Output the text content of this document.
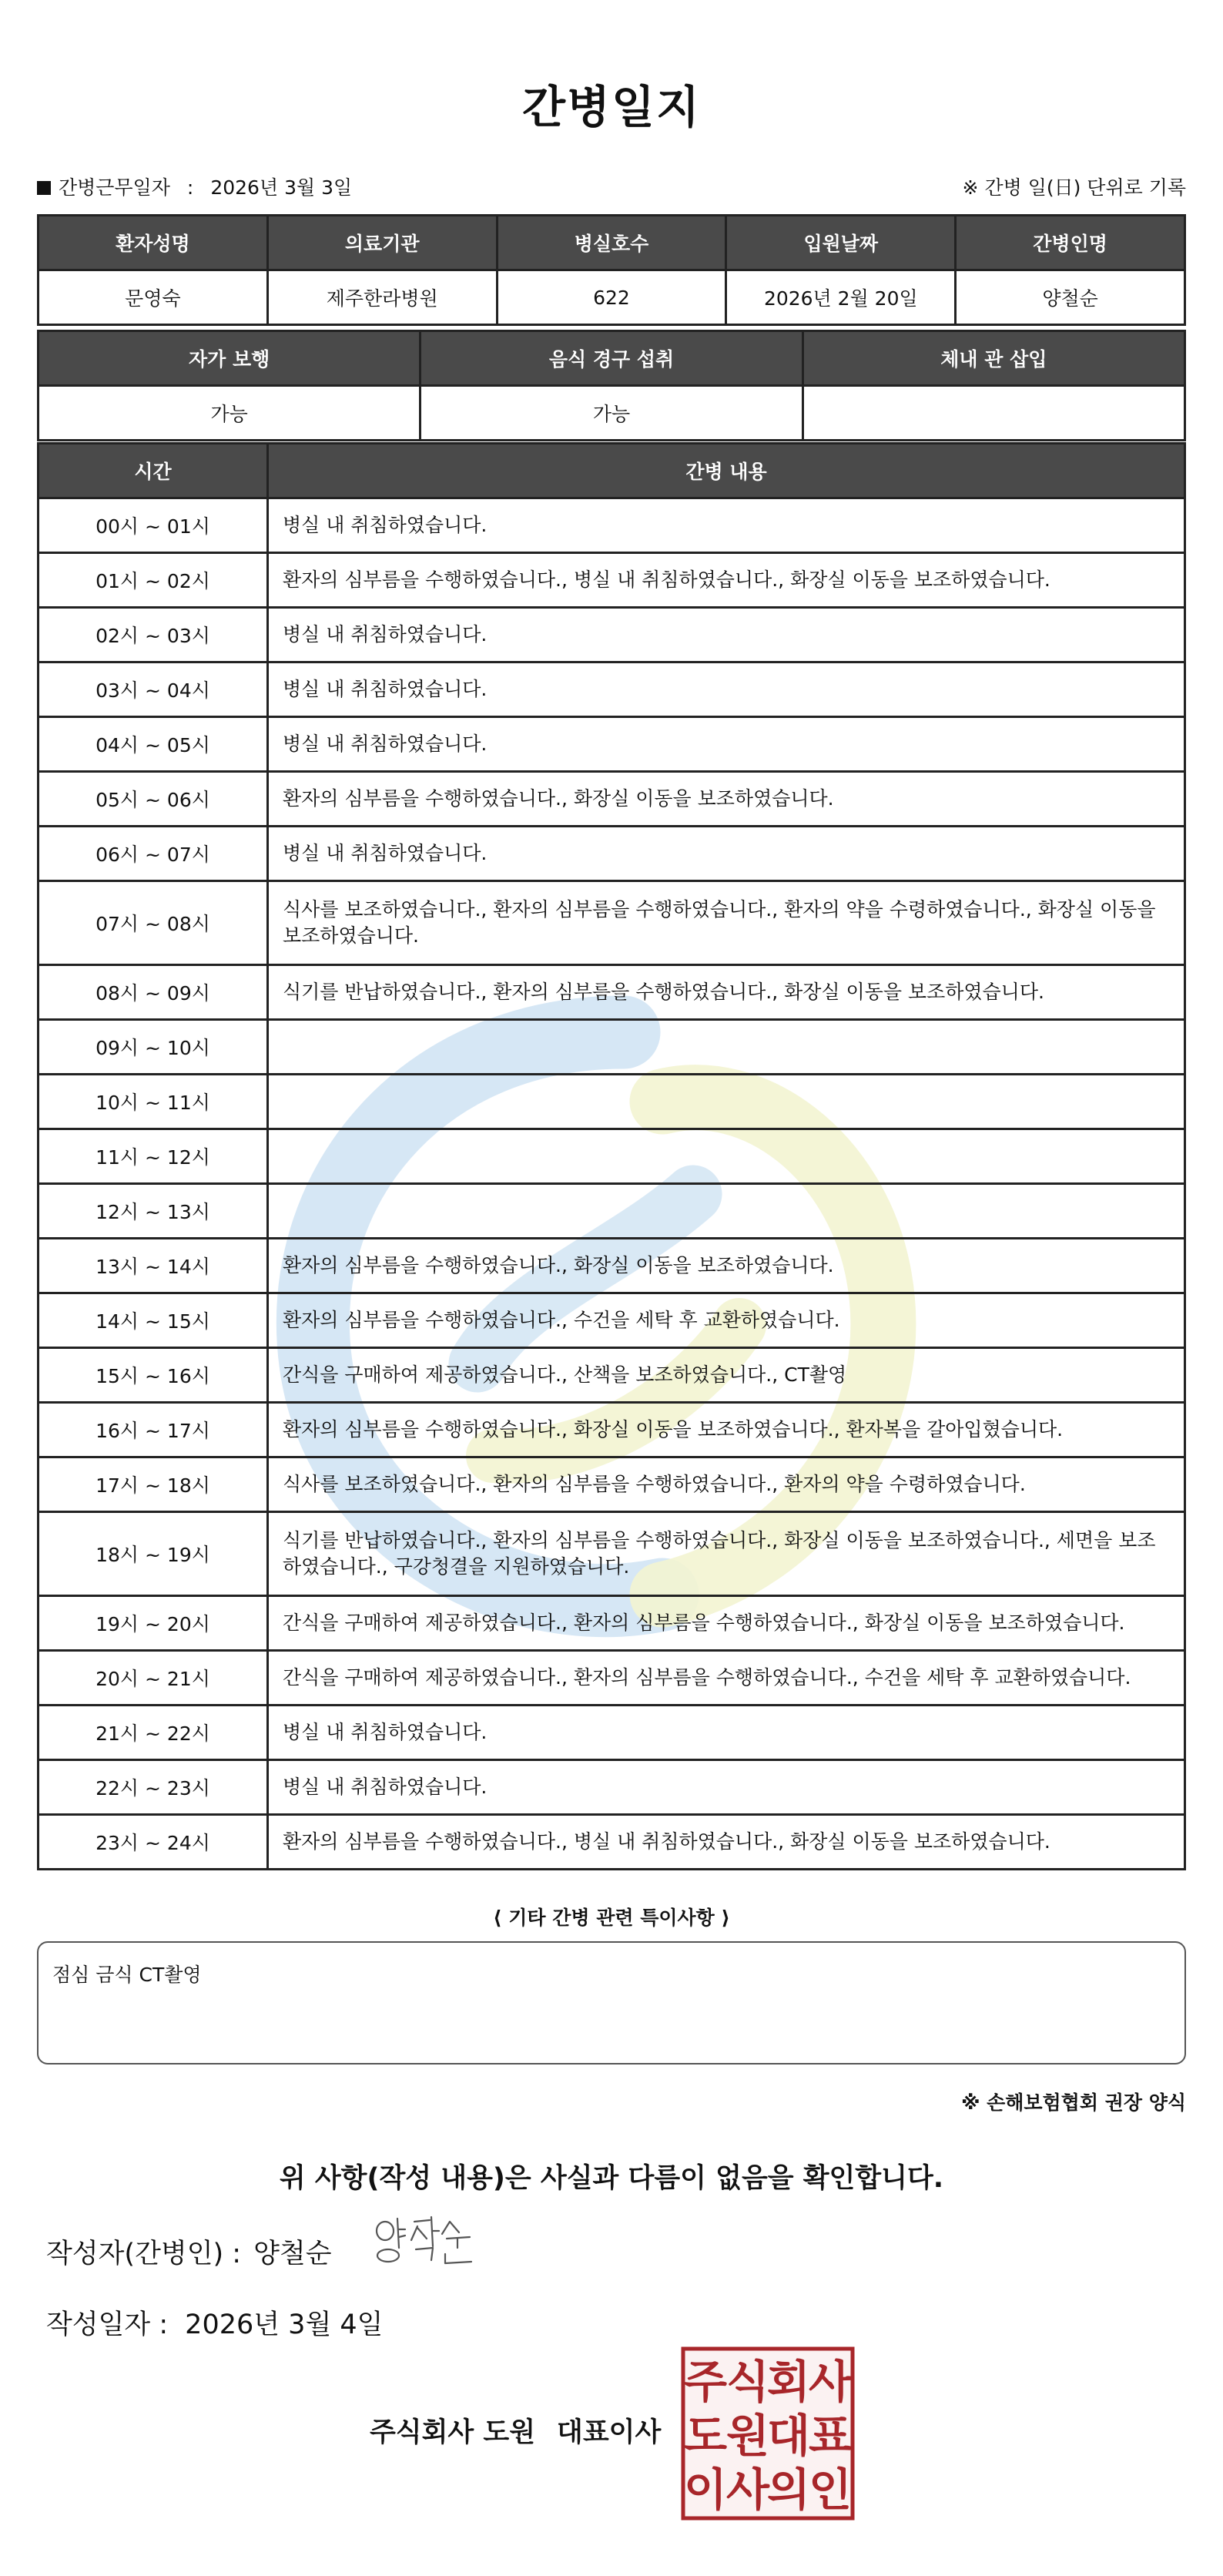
간병일지
간병근무일자 : 2026년 3월 3일	※ 간병 일(日) 단위로 기록
환자성명	의료기관	병실호수	입원날짜	간병인명
문영숙	제주한라병원	622	2026년 2월 20일	양철순
자가 보행	음식 경구 섭취	체내 관 삽입
가능	가능	
시간	간병 내용
00시 ~ 01시	병실 내 취침하였습니다.
01시 ~ 02시	환자의 심부름을 수행하였습니다., 병실 내 취침하였습니다., 화장실 이동을 보조하였습니다.
02시 ~ 03시	병실 내 취침하였습니다.
03시 ~ 04시	병실 내 취침하였습니다.
04시 ~ 05시	병실 내 취침하였습니다.
05시 ~ 06시	환자의 심부름을 수행하였습니다., 화장실 이동을 보조하였습니다.
06시 ~ 07시	병실 내 취침하였습니다.
07시 ~ 08시	식사를 보조하였습니다., 환자의 심부름을 수행하였습니다., 환자의 약을 수령하였습니다., 화장실 이동을 보조하였습니다.
08시 ~ 09시	식기를 반납하였습니다., 환자의 심부름을 수행하였습니다., 화장실 이동을 보조하였습니다.
09시 ~ 10시	
10시 ~ 11시	
11시 ~ 12시	
12시 ~ 13시	
13시 ~ 14시	환자의 심부름을 수행하였습니다., 화장실 이동을 보조하였습니다.
14시 ~ 15시	환자의 심부름을 수행하였습니다., 수건을 세탁 후 교환하였습니다.
15시 ~ 16시	간식을 구매하여 제공하였습니다., 산책을 보조하였습니다., CT촬영
16시 ~ 17시	환자의 심부름을 수행하였습니다., 화장실 이동을 보조하였습니다., 환자복을 갈아입혔습니다.
17시 ~ 18시	식사를 보조하였습니다., 환자의 심부름을 수행하였습니다., 환자의 약을 수령하였습니다.
18시 ~ 19시	식기를 반납하였습니다., 환자의 심부름을 수행하였습니다., 화장실 이동을 보조하였습니다., 세면을 보조하였습니다., 구강청결을 지원하였습니다.
19시 ~ 20시	간식을 구매하여 제공하였습니다., 환자의 심부름을 수행하였습니다., 화장실 이동을 보조하였습니다.
20시 ~ 21시	간식을 구매하여 제공하였습니다., 환자의 심부름을 수행하였습니다., 수건을 세탁 후 교환하였습니다.
21시 ~ 22시	병실 내 취침하였습니다.
22시 ~ 23시	병실 내 취침하였습니다.
23시 ~ 24시	환자의 심부름을 수행하였습니다., 병실 내 취침하였습니다., 화장실 이동을 보조하였습니다.
⟨ 기타 간병 관련 특이사항 ⟩
점심 금식 CT촬영
※ 손해보험협회 권장 양식
위 사항(작성 내용)은 사실과 다름이 없음을 확인합니다.
작성자(간병인) : 양철순
작성일자 : 2026년 3월 4일
주식회사 도원 대표이사
주
식
회
사
도
원
대
표
이
사
의
인
